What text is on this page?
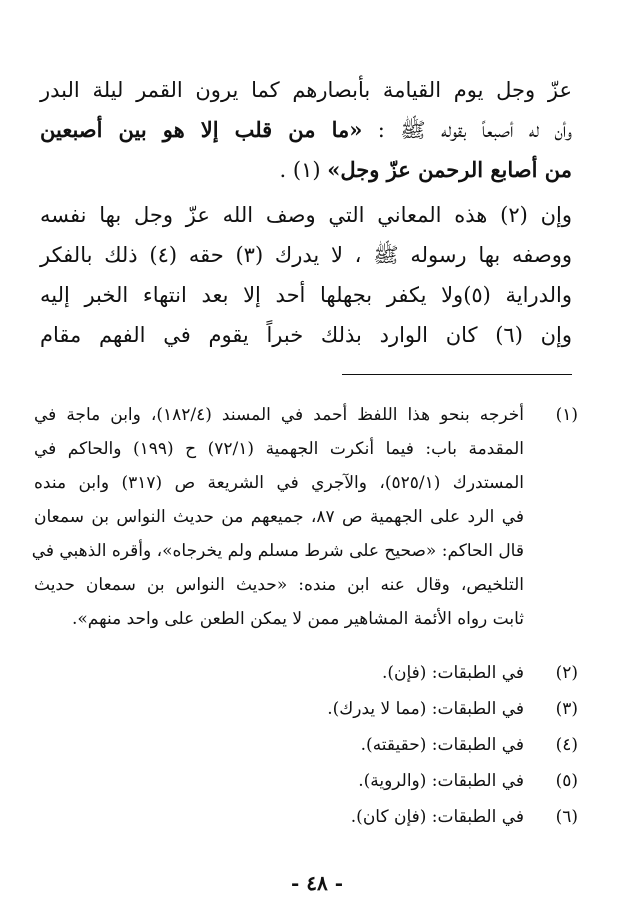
عزّ وجل يوم القيامة بأبصارهم كما يرون القمر ليلة البدر
وأن له أصبعاً بقوله ﷺ : «ما من قلب إلا هو بين أصبعين
من أصابع الرحمن عزّ وجل» (١) .
وإن (٢) هذه المعاني التي وصف الله عزّ وجل بها نفسه
ووصفه بها رسوله ﷺ ، لا يدرك (٣) حقه (٤) ذلك بالفكر
والدراية (٥)ولا يكفر بجهلها أحد إلا بعد انتهاء الخبر إليه
وإن (٦) كان الوارد بذلك خبراً يقوم في الفهم مقام
(١)
أخرجه بنحو هذا اللفظ أحمد في المسند (١٨٢/٤)، وابن ماجة في
المقدمة باب: فيما أنكرت الجهمية (٧٢/١) ح (١٩٩) والحاكم في
المستدرك (٥٢٥/١)، والآجري في الشريعة ص (٣١٧) وابن منده
في الرد على الجهمية ص ٨٧، جميعهم من حديث النواس بن سمعان
قال الحاكم: «صحيح على شرط مسلم ولم يخرجاه»، وأقره الذهبي في
التلخيص، وقال عنه ابن منده: «حديث النواس بن سمعان حديث
ثابت رواه الأئمة المشاهير ممن لا يمكن الطعن على واحد منهم».
(٢)
في الطبقات: (فإن).
(٣)
في الطبقات: (مما لا يدرك).
(٤)
في الطبقات: (حقيقته).
(٥)
في الطبقات: (والروية).
(٦)
في الطبقات: (فإن كان).
- ٤٨ -
